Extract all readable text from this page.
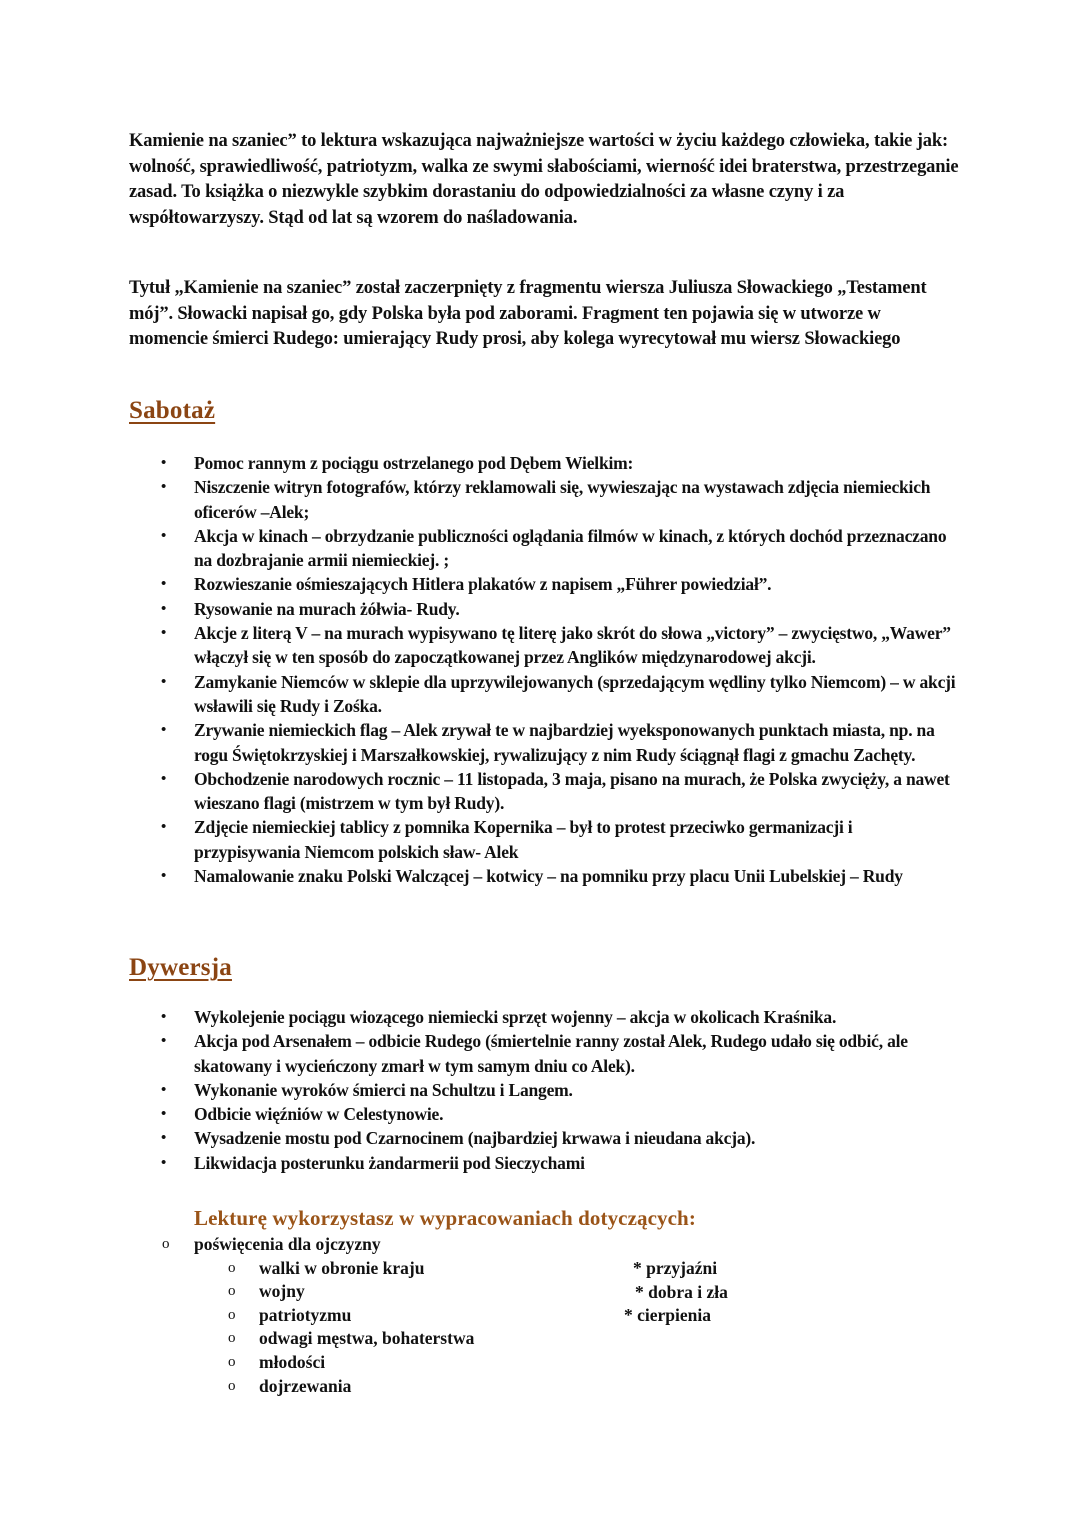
Kamienie na szaniec” to lektura wskazująca najważniejsze wartości w życiu każdego człowieka, takie jak: wolność, sprawiedliwość, patriotyzm, walka ze swymi słabościami, wierność idei braterstwa, przestrzeganie zasad. To książka o niezwykle szybkim dorastaniu do odpowiedzialności za własne czyny i za współtowarzyszy. Stąd od lat są wzorem do naśladowania.

Tytuł „Kamienie na szaniec” został zaczerpnięty z fragmentu wiersza Juliusza Słowackiego „Testament mój”. Słowacki napisał go, gdy Polska była pod zaborami. Fragment ten pojawia się w utworze w momencie śmierci Rudego: umierający Rudy prosi, aby kolega wyrecytował mu wiersz Słowackiego

Sabotaż
• Pomoc rannym z pociągu ostrzelanego pod Dębem Wielkim:
• Niszczenie witryn fotografów, którzy reklamowali się, wywieszając na wystawach zdjęcia niemieckich oficerów –Alek;
• Akcja w kinach – obrzydzanie publiczności oglądania filmów w kinach, z których dochód przeznaczano na dozbrajanie armii niemieckiej. ;
• Rozwieszanie ośmieszających Hitlera plakatów z napisem „Führer powiedział”.
• Rysowanie na murach żółwia- Rudy.
• Akcje z literą V – na murach wypisywano tę literę jako skrót do słowa „victory” – zwycięstwo, „Wawer” włączył się w ten sposób do zapoczątkowanej przez Anglików międzynarodowej akcji.
• Zamykanie Niemców w sklepie dla uprzywilejowanych (sprzedającym wędliny tylko Niemcom) – w akcji wsławili się Rudy i Zośka.
• Zrywanie niemieckich flag – Alek zrywał te w najbardziej wyeksponowanych punktach miasta, np. na rogu Świętokrzyskiej i Marszałkowskiej, rywalizujący z nim Rudy ściągnął flagi z gmachu Zachęty.
• Obchodzenie narodowych rocznic – 11 listopada, 3 maja, pisano na murach, że Polska zwycięży, a nawet wieszano flagi (mistrzem w tym był Rudy).
• Zdjęcie niemieckiej tablicy z pomnika Kopernika – był to protest przeciwko germanizacji i przypisywania Niemcom polskich sław- Alek
• Namalowanie znaku Polski Walczącej – kotwicy – na pomniku przy placu Unii Lubelskiej – Rudy
Dywersja
• Wykolejenie pociągu wiozącego niemiecki sprzęt wojenny – akcja w okolicach Kraśnika.
• Akcja pod Arsenałem – odbicie Rudego (śmiertelnie ranny został Alek, Rudego udało się odbić, ale skatowany i wycieńczony zmarł w tym samym dniu co Alek).
• Wykonanie wyroków śmierci na Schultzu i Langem.
• Odbicie więźniów w Celestynowie.
• Wysadzenie mostu pod Czarnocinem (najbardziej krwawa i nieudana akcja).
• Likwidacja posterunku żandarmerii pod Sieczychami
Lekturę wykorzystasz w wypracowaniach dotyczących:
o poświęcenia dla ojczyzny
o walki w obronie kraju
o wojny
o patriotyzmu
o odwagi męstwa, bohaterstwa
o młodości
o dojrzewania
* przyjaźni
* dobra i zła
* cierpienia
